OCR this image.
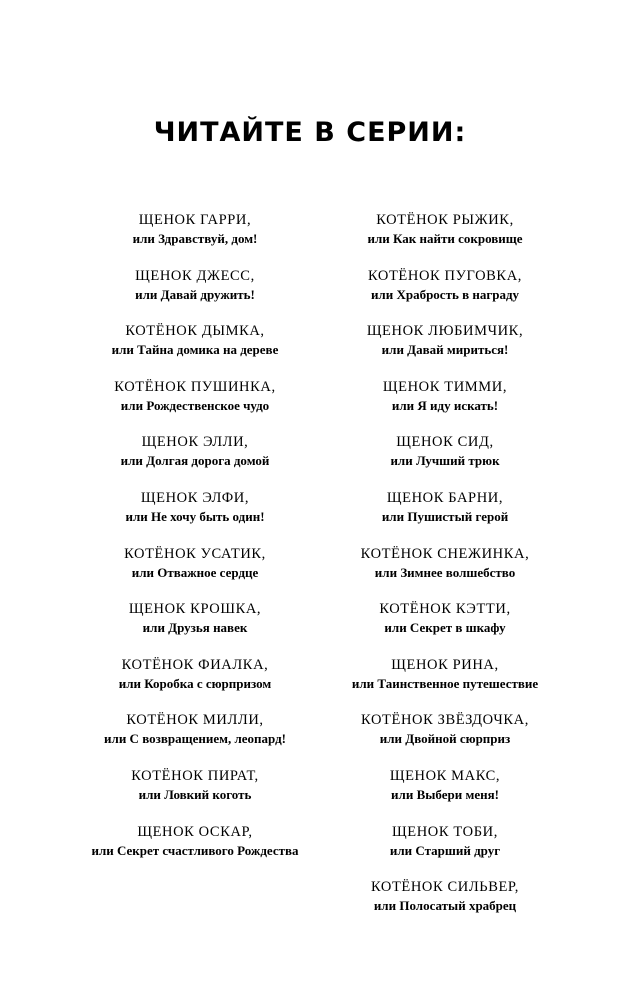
ЧИТАЙТЕ В СЕРИИ:
ЩЕНОК ГАРРИ,
или Здравствуй, дом!
ЩЕНОК ДЖЕСС,
или Давай дружить!
КОТЁНОК ДЫМКА,
или Тайна домика на дереве
КОТЁНОК ПУШИНКА,
или Рождественское чудо
ЩЕНОК ЭЛЛИ,
или Долгая дорога домой
ЩЕНОК ЭЛФИ,
или Не хочу быть один!
КОТЁНОК УСАТИК,
или Отважное сердце
ЩЕНОК КРОШКА,
или Друзья навек
КОТЁНОК ФИАЛКА,
или Коробка с сюрпризом
КОТЁНОК МИЛЛИ,
или С возвращением, леопард!
КОТЁНОК ПИРАТ,
или Ловкий коготь
ЩЕНОК ОСКАР,
или Секрет счастливого Рождества
КОТЁНОК РЫЖИК,
или Как найти сокровище
КОТЁНОК ПУГОВКА,
или Храбрость в награду
ЩЕНОК ЛЮБИМЧИК,
или Давай мириться!
ЩЕНОК ТИММИ,
или Я иду искать!
ЩЕНОК СИД,
или Лучший трюк
ЩЕНОК БАРНИ,
или Пушистый герой
КОТЁНОК СНЕЖИНКА,
или Зимнее волшебство
КОТЁНОК КЭТТИ,
или Секрет в шкафу
ЩЕНОК РИНА,
или Таинственное путешествие
КОТЁНОК ЗВЁЗДОЧКА,
или Двойной сюрприз
ЩЕНОК МАКС,
или Выбери меня!
ЩЕНОК ТОБИ,
или Старший друг
КОТЁНОК СИЛЬВЕР,
или Полосатый храбрец
